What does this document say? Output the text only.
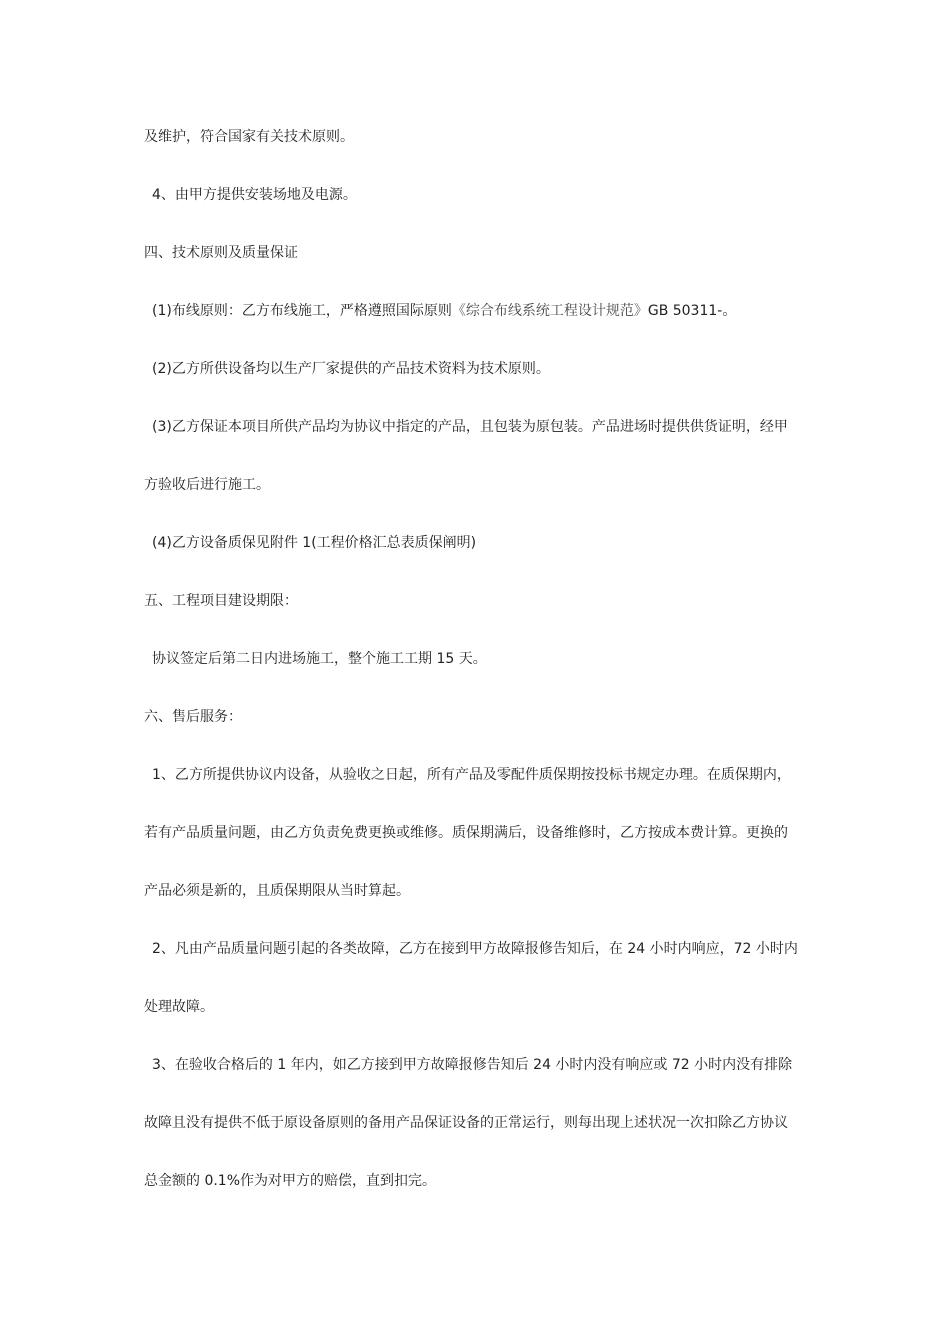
及维护，符合国家有关技术原则。
4、由甲方提供安装场地及电源。
四、技术原则及质量保证
(1)布线原则：乙方布线施工，严格遵照国际原则《综合布线系统工程设计规范》GB 50311-。
(2)乙方所供设备均以生产厂家提供的产品技术资料为技术原则。
(3)乙方保证本项目所供产品均为协议中指定的产品，且包装为原包装。产品进场时提供供货证明，经甲
方验收后进行施工。
(4)乙方设备质保见附件 1(工程价格汇总表质保阐明)
五、工程项目建设期限：
协议签定后第二日内进场施工，整个施工工期 15 天。
六、售后服务：
1、乙方所提供协议内设备，从验收之日起，所有产品及零配件质保期按投标书规定办理。在质保期内，
若有产品质量问题，由乙方负责免费更换或维修。质保期满后，设备维修时，乙方按成本费计算。更换的
产品必须是新的，且质保期限从当时算起。
2、凡由产品质量问题引起的各类故障，乙方在接到甲方故障报修告知后，在 24 小时内响应，72 小时内
处理故障。
3、在验收合格后的 1 年内，如乙方接到甲方故障报修告知后 24 小时内没有响应或 72 小时内没有排除
故障且没有提供不低于原设备原则的备用产品保证设备的正常运行，则每出现上述状况一次扣除乙方协议
总金额的 0.1%作为对甲方的赔偿，直到扣完。
